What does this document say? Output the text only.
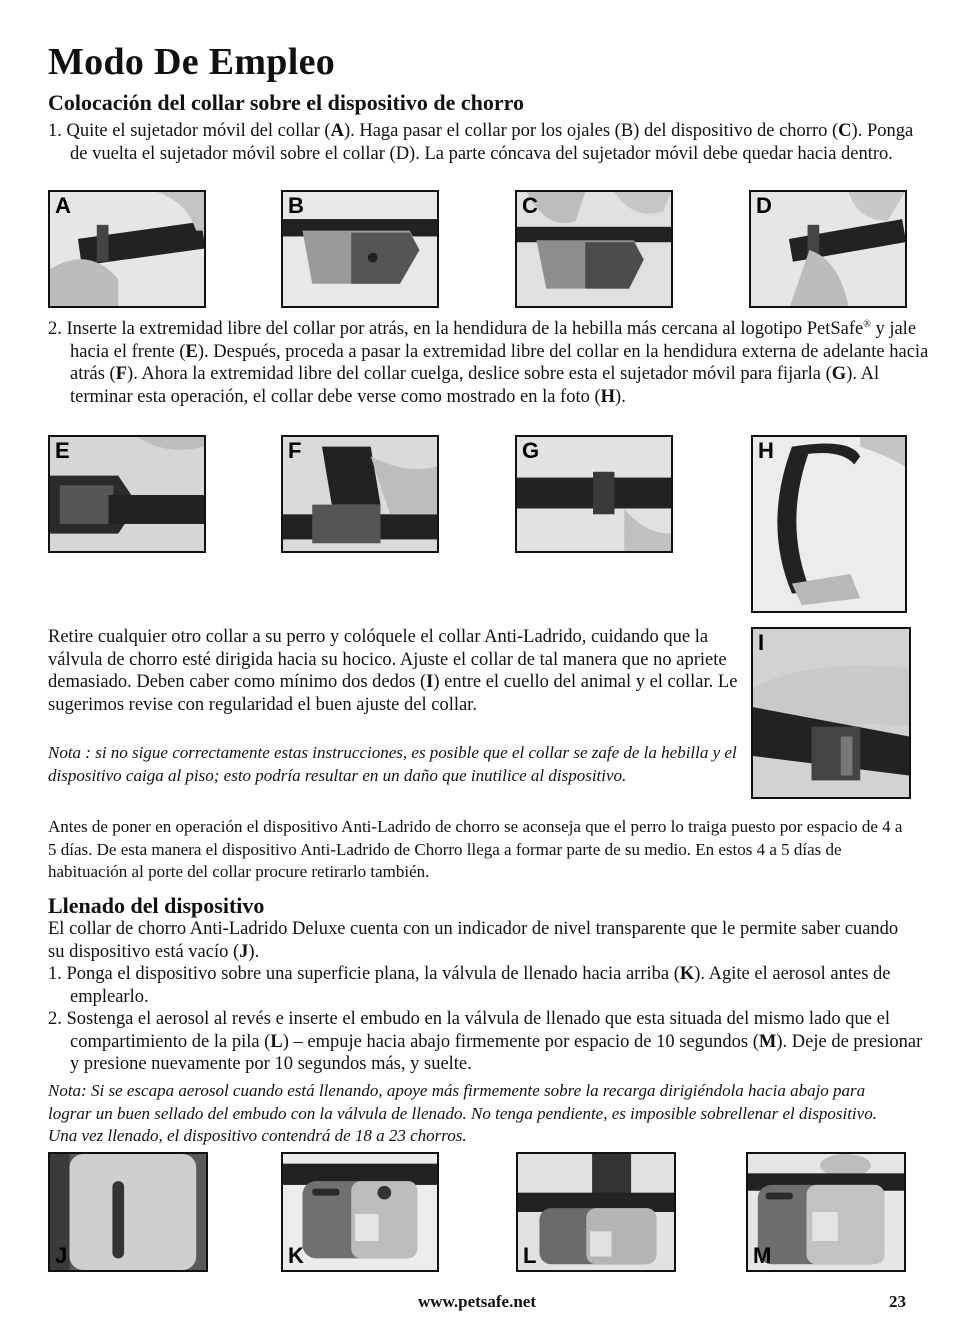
Modo De Empleo
Colocación del collar sobre el dispositivo de chorro
1. Quite el sujetador móvil del collar (A). Haga pasar el collar por los ojales (B) del dispositivo de chorro (C). Ponga de vuelta el sujetador móvil sobre el collar (D). La parte cóncava del sujetador móvil debe quedar hacia dentro.
A	B	C	D
2. Inserte la extremidad libre del collar por atrás, en la hendidura de la hebilla más cercana al logotipo PetSafe® y jale hacia el frente (E). Después, proceda a pasar la extremidad libre del collar en la hendidura externa de adelante hacia atrás (F). Ahora la extremidad libre del collar cuelga, deslice sobre esta el sujetador móvil para fijarla (G). Al terminar esta operación, el collar debe verse como mostrado en la foto (H).
E	F	G	H
Retire cualquier otro collar a su perro y colóquele el collar Anti-Ladrido, cuidando que la válvula de chorro esté dirigida hacia su hocico. Ajuste el collar de tal manera que no apriete demasiado. Deben caber como mínimo dos dedos (I) entre el cuello del animal y el collar. Le sugerimos revise con regularidad el buen ajuste del collar.
Nota : si no sigue correctamente estas instrucciones, es posible que el collar se zafe de la hebilla y el dispositivo caiga al piso; esto podría resultar en un daño que inutilice al dispositivo.
I
Antes de poner en operación el dispositivo Anti-Ladrido de chorro se aconseja que el perro lo traiga puesto por espacio de 4 a 5 días. De esta manera el dispositivo Anti-Ladrido de Chorro llega a formar parte de su medio. En estos 4 a 5 días de habituación al porte del collar procure retirarlo también.
Llenado del dispositivo
El collar de chorro Anti-Ladrido Deluxe cuenta con un indicador de nivel transparente que le permite saber cuando su dispositivo está vacío (J).
1. Ponga el dispositivo sobre una superficie plana, la válvula de llenado hacia arriba (K). Agite el aerosol antes de emplearlo.
2. Sostenga el aerosol al revés e inserte el embudo en la válvula de llenado que esta situada del mismo lado que el compartimiento de la pila (L) – empuje hacia abajo firmemente por espacio de 10 segundos (M). Deje de presionar y presione nuevamente por 10 segundos más, y suelte.
Nota: Si se escapa aerosol cuando está llenando, apoye más firmemente sobre la recarga dirigiéndola hacia abajo para lograr un buen sellado del embudo con la válvula de llenado. No tenga pendiente, es imposible sobrellenar el dispositivo. Una vez llenado, el dispositivo contendrá de 18 a 23 chorros.
J	K	L	M
www.petsafe.net	23
